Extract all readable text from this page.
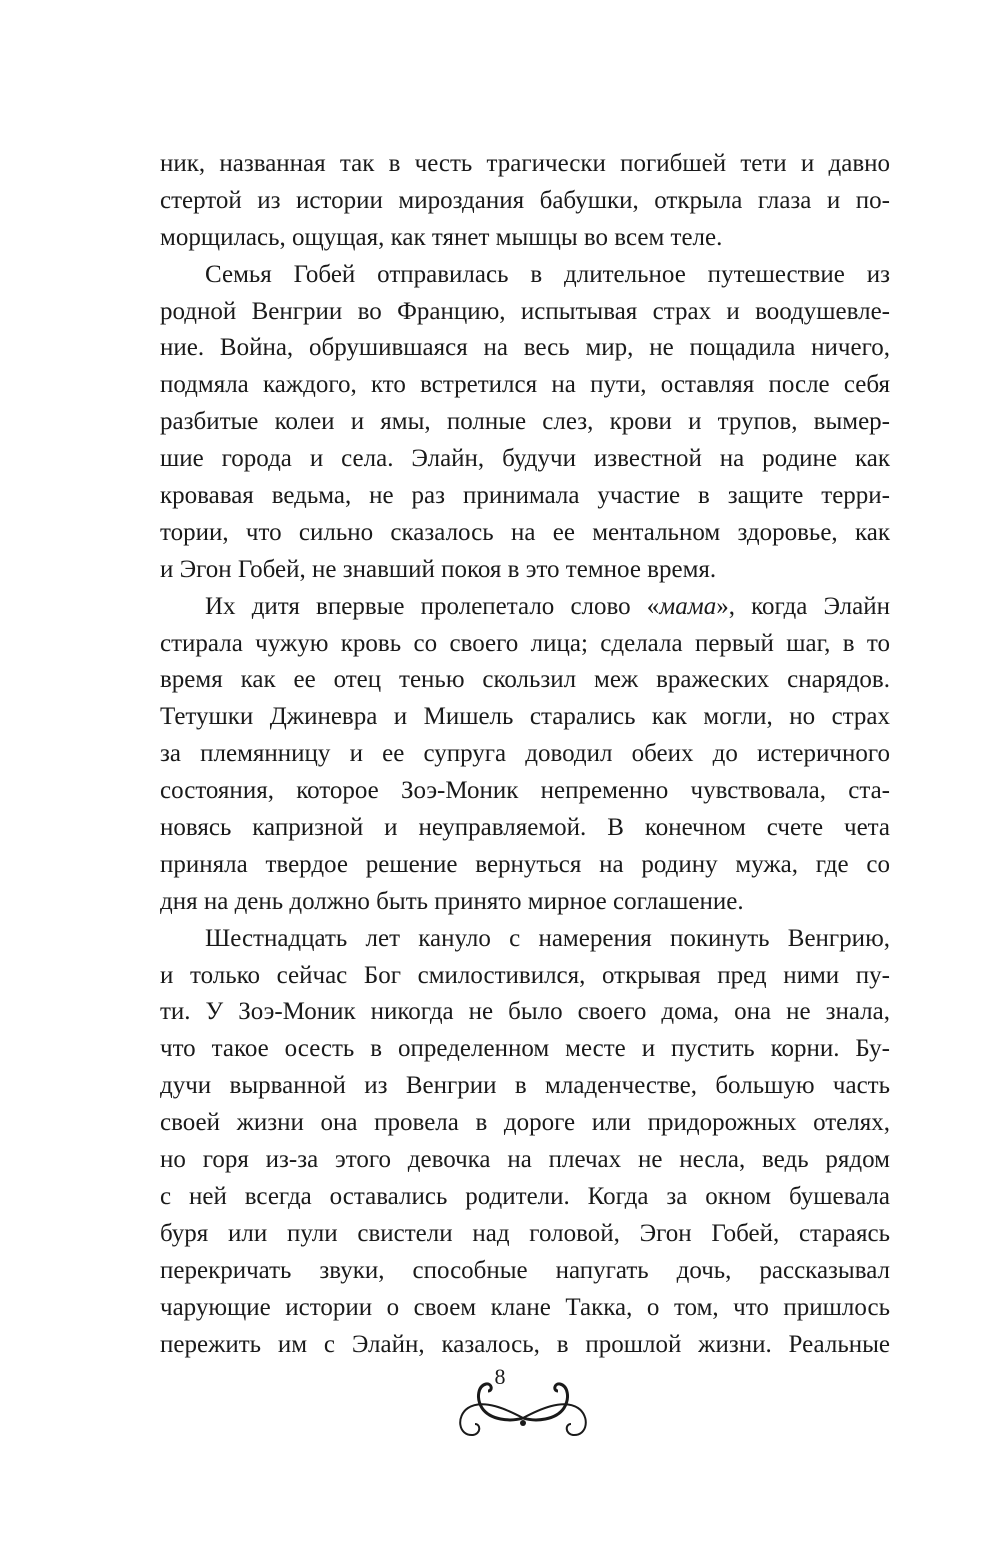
ник, названная так в честь трагически погибшей тети и давно
стертой из истории мироздания бабушки, открыла глаза и по-
морщилась, ощущая, как тянет мышцы во всем теле.
Семья Гобей отправилась в длительное путешествие из
родной Венгрии во Францию, испытывая страх и воодушевле-
ние. Война, обрушившаяся на весь мир, не пощадила ничего,
подмяла каждого, кто встретился на пути, оставляя после себя
разбитые колеи и ямы, полные слез, крови и трупов, вымер-
шие города и села. Элайн, будучи известной на родине как
кровавая ведьма, не раз принимала участие в защите терри-
тории, что сильно сказалось на ее ментальном здоровье, как
и Эгон Гобей, не знавший покоя в это темное время.
Их дитя впервые пролепетало слово «мама», когда Элайн
стирала чужую кровь со своего лица; сделала первый шаг, в то
время как ее отец тенью скользил меж вражеских снарядов.
Тетушки Джиневра и Мишель старались как могли, но страх
за племянницу и ее супруга доводил обеих до истеричного
состояния, которое Зоэ-Моник непременно чувствовала, ста-
новясь капризной и неуправляемой. В конечном счете чета
приняла твердое решение вернуться на родину мужа, где со
дня на день должно быть принято мирное соглашение.
Шестнадцать лет кануло с намерения покинуть Венгрию,
и только сейчас Бог смилостивился, открывая пред ними пу-
ти. У Зоэ-Моник никогда не было своего дома, она не знала,
что такое осесть в определенном месте и пустить корни. Бу-
дучи вырванной из Венгрии в младенчестве, большую часть
своей жизни она провела в дороге или придорожных отелях,
но горя из-за этого девочка на плечах не несла, ведь рядом
с ней всегда оставались родители. Когда за окном бушевала
буря или пули свистели над головой, Эгон Гобей, стараясь
перекричать звуки, способные напугать дочь, рассказывал
чарующие истории о своем клане Такка, о том, что пришлось
пережить им с Элайн, казалось, в прошлой жизни. Реальные
8
